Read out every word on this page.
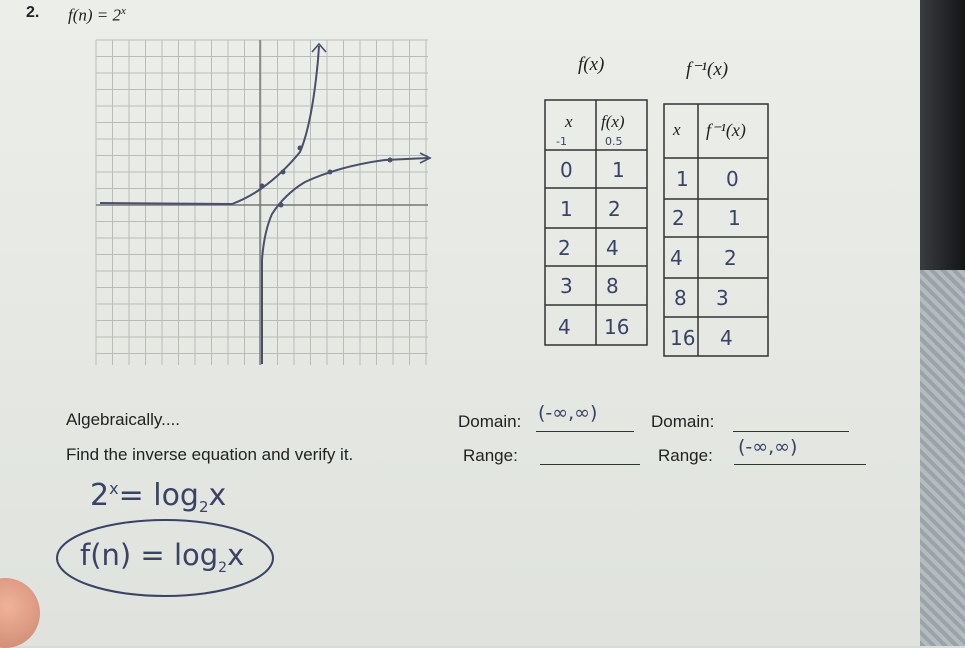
2. $f(n) = 2^x$
f(x)	f⁻¹(x)
x f(x)
-1	0.5
0 1
1 2
2 4
3 8
4 16
x f⁻¹(x)
1 0
2 1
4 2
8 3
16 4
Algebraically....
Find the inverse equation and verify it.
Domain: (-∞,∞)	Domain:
Range:	Range: (-∞,∞)
$2^x= \log_2x$
$f(n) = \log_2x$
